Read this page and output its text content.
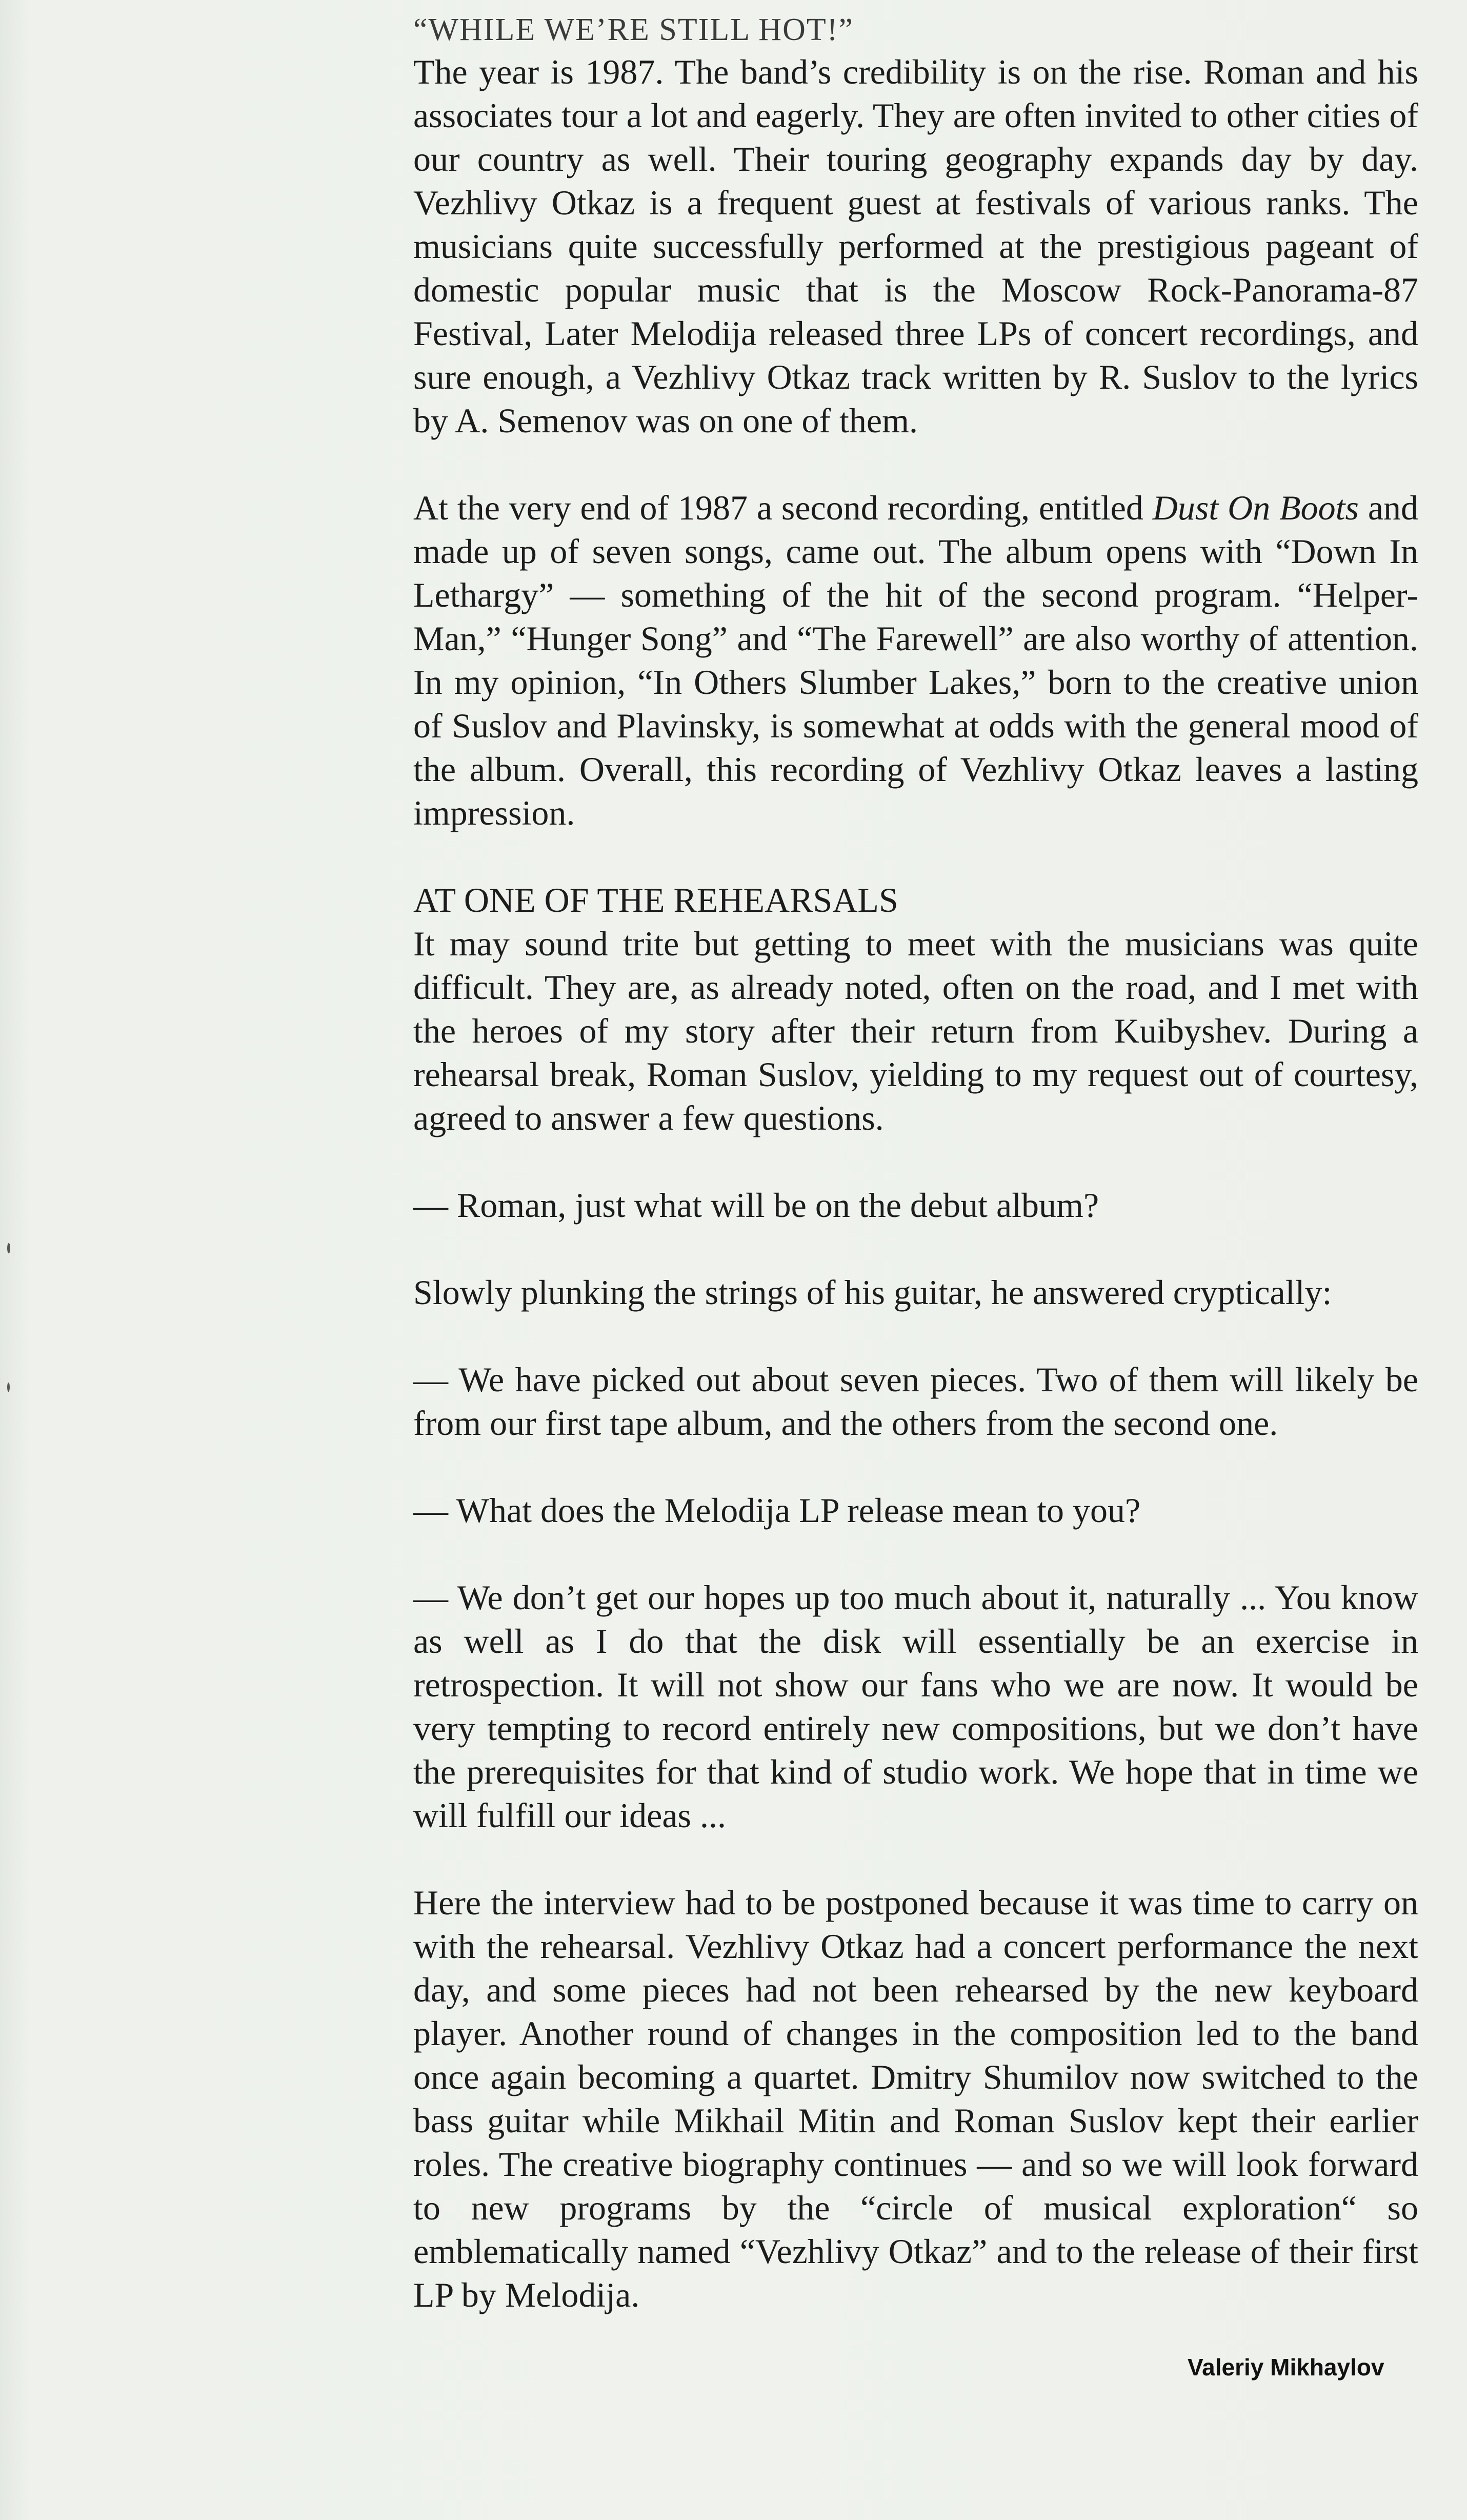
“WHILE WE’RE STILL HOT!”

The year is 1987. The band’s credibility is on the rise. Roman and his associates tour a lot and eagerly. They are often invited to other cities of our country as well. Their touring geography expands day by day. Vezhlivy Otkaz is a frequent guest at festivals of various ranks. The musicians quite successfully performed at the prestigious pageant of domestic popular music that is the Moscow Rock-Panorama-87 Festival, Later Melodija released three LPs of concert recordings, and sure enough, a Vezhlivy Otkaz track written by R. Suslov to the lyrics by A. Semenov was on one of them.

At the very end of 1987 a second recording, entitled Dust On Boots and made up of seven songs, came out. The album opens with “Down In Lethargy” — something of the hit of the second program. “Helper-Man,” “Hunger Song” and “The Farewell” are also worthy of attention. In my opinion, “In Others Slumber Lakes,” born to the creative union of Suslov and Plavinsky, is somewhat at odds with the general mood of the album. Overall, this recording of Vezhlivy Otkaz leaves a lasting impression.

AT ONE OF THE REHEARSALS

It may sound trite but getting to meet with the musicians was quite difficult. They are, as already noted, often on the road, and I met with the heroes of my story after their return from Kuibyshev. During a rehearsal break, Roman Suslov, yielding to my request out of courtesy, agreed to answer a few questions.

— Roman, just what will be on the debut album?

Slowly plunking the strings of his guitar, he answered cryptically:

— We have picked out about seven pieces. Two of them will likely be from our first tape album, and the others from the second one.

— What does the Melodija LP release mean to you?

— We don’t get our hopes up too much about it, naturally ... You know as well as I do that the disk will essentially be an exercise in retrospection. It will not show our fans who we are now. It would be very tempting to record entirely new compositions, but we don’t have the prerequisites for that kind of studio work. We hope that in time we will fulfill our ideas ...

Here the interview had to be postponed because it was time to carry on with the rehearsal. Vezhlivy Otkaz had a concert performance the next day, and some pieces had not been rehearsed by the new keyboard player. Another round of changes in the composition led to the band once again becoming a quartet. Dmitry Shumilov now switched to the bass guitar while Mikhail Mitin and Roman Suslov kept their earlier roles. The creative biography continues — and so we will look forward to new programs by the “circle of musical exploration“ so emblematically named “Vezhlivy Otkaz” and to the release of their first LP by Melodija.

Valeriy Mikhaylov
